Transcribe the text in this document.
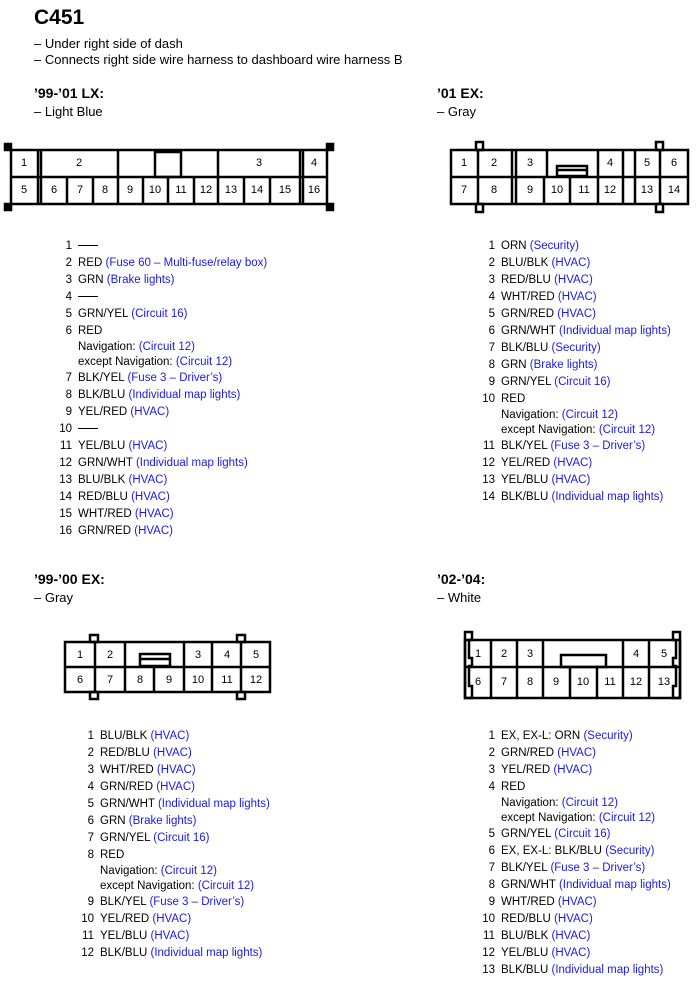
C451
– Under right side of dash
– Connects right side wire harness to dashboard wire harness B
’99-’01 LX:
– Light Blue
1	2	3	4
5 6 7 8 9 10 11 12 13 14 15 16
1
2 RED (Fuse 60 – Multi-fuse/relay box)
3 GRN (Brake lights)
4
5 GRN/YEL (Circuit 16)
6 RED
Navigation: (Circuit 12)
except Navigation: (Circuit 12)
7 BLK/YEL (Fuse 3 – Driver’s)
8 BLK/BLU (Individual map lights)
9 YEL/RED (HVAC)
10
11 YEL/BLU (HVAC)
12 GRN/WHT (Individual map lights)
13 BLU/BLK (HVAC)
14 RED/BLU (HVAC)
15 WHT/RED (HVAC)
16 GRN/RED (HVAC)
’01 EX:
– Gray
1 2	3	4	5 6
7 8	9 10 11 12 13 14
1 ORN (Security)
2 BLU/BLK (HVAC)
3 RED/BLU (HVAC)
4 WHT/RED (HVAC)
5 GRN/RED (HVAC)
6 GRN/WHT (Individual map lights)
7 BLK/BLU (Security)
8 GRN (Brake lights)
9 GRN/YEL (Circuit 16)
10 RED
Navigation: (Circuit 12)
except Navigation: (Circuit 12)
11 BLK/YEL (Fuse 3 – Driver’s)
12 YEL/RED (HVAC)
13 YEL/BLU (HVAC)
14 BLK/BLU (Individual map lights)
’99-’00 EX:
– Gray
1 2	3 4 5
6 7 8 9 10 11 12
1 BLU/BLK (HVAC)
2 RED/BLU (HVAC)
3 WHT/RED (HVAC)
4 GRN/RED (HVAC)
5 GRN/WHT (Individual map lights)
6 GRN (Brake lights)
7 GRN/YEL (Circuit 16)
8 RED
Navigation: (Circuit 12)
except Navigation: (Circuit 12)
9 BLK/YEL (Fuse 3 – Driver’s)
10 YEL/RED (HVAC)
11 YEL/BLU (HVAC)
12 BLK/BLU (Individual map lights)
’02-’04:
– White
1 2 3	4 5
6 7 8 9 10 11 12 13
1 EX, EX-L: ORN (Security)
2 GRN/RED (HVAC)
3 YEL/RED (HVAC)
4 RED
Navigation: (Circuit 12)
except Navigation: (Circuit 12)
5 GRN/YEL (Circuit 16)
6 EX, EX-L: BLK/BLU (Security)
7 BLK/YEL (Fuse 3 – Driver’s)
8 GRN/WHT (Individual map lights)
9 WHT/RED (HVAC)
10 RED/BLU (HVAC)
11 BLU/BLK (HVAC)
12 YEL/BLU (HVAC)
13 BLK/BLU (Individual map lights)
